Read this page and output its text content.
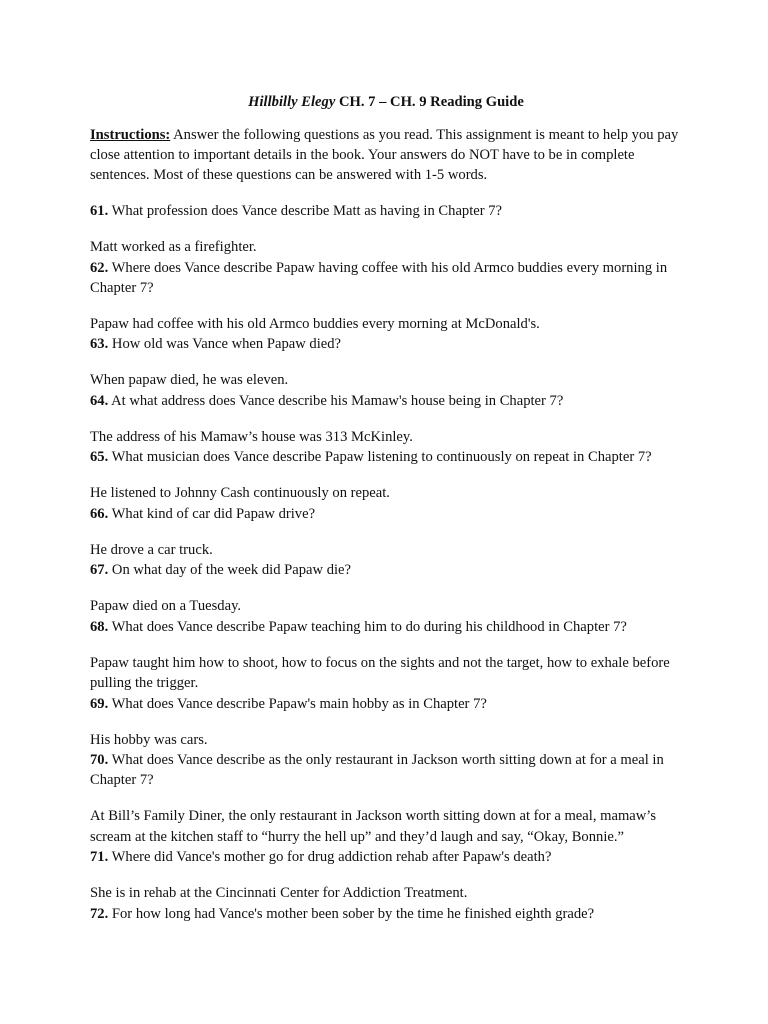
Hillbilly Elegy CH. 7 – CH. 9 Reading Guide

Instructions: Answer the following questions as you read. This assignment is meant to help you pay close attention to important details in the book. Your answers do NOT have to be in complete sentences. Most of these questions can be answered with 1-5 words.

61. What profession does Vance describe Matt as having in Chapter 7?

Matt worked as a firefighter.

62. Where does Vance describe Papaw having coffee with his old Armco buddies every morning in Chapter 7?

Papaw had coffee with his old Armco buddies every morning at McDonald's.

63. How old was Vance when Papaw died?

When papaw died, he was eleven.

64. At what address does Vance describe his Mamaw's house being in Chapter 7?

The address of his Mamaw’s house was 313 McKinley.

65. What musician does Vance describe Papaw listening to continuously on repeat in Chapter 7?

He listened to Johnny Cash continuously on repeat.

66. What kind of car did Papaw drive?

He drove a car truck.

67. On what day of the week did Papaw die?

Papaw died on a Tuesday.

68. What does Vance describe Papaw teaching him to do during his childhood in Chapter 7?

Papaw taught him how to shoot, how to focus on the sights and not the target, how to exhale before pulling the trigger.

69. What does Vance describe Papaw's main hobby as in Chapter 7?

His hobby was cars.

70. What does Vance describe as the only restaurant in Jackson worth sitting down at for a meal in Chapter 7?

At Bill’s Family Diner, the only restaurant in Jackson worth sitting down at for a meal, mamaw’s scream at the kitchen staff to “hurry the hell up” and they’d laugh and say, “Okay, Bonnie.”

71. Where did Vance's mother go for drug addiction rehab after Papaw's death?

She is in rehab at the Cincinnati Center for Addiction Treatment.

72. For how long had Vance's mother been sober by the time he finished eighth grade?
